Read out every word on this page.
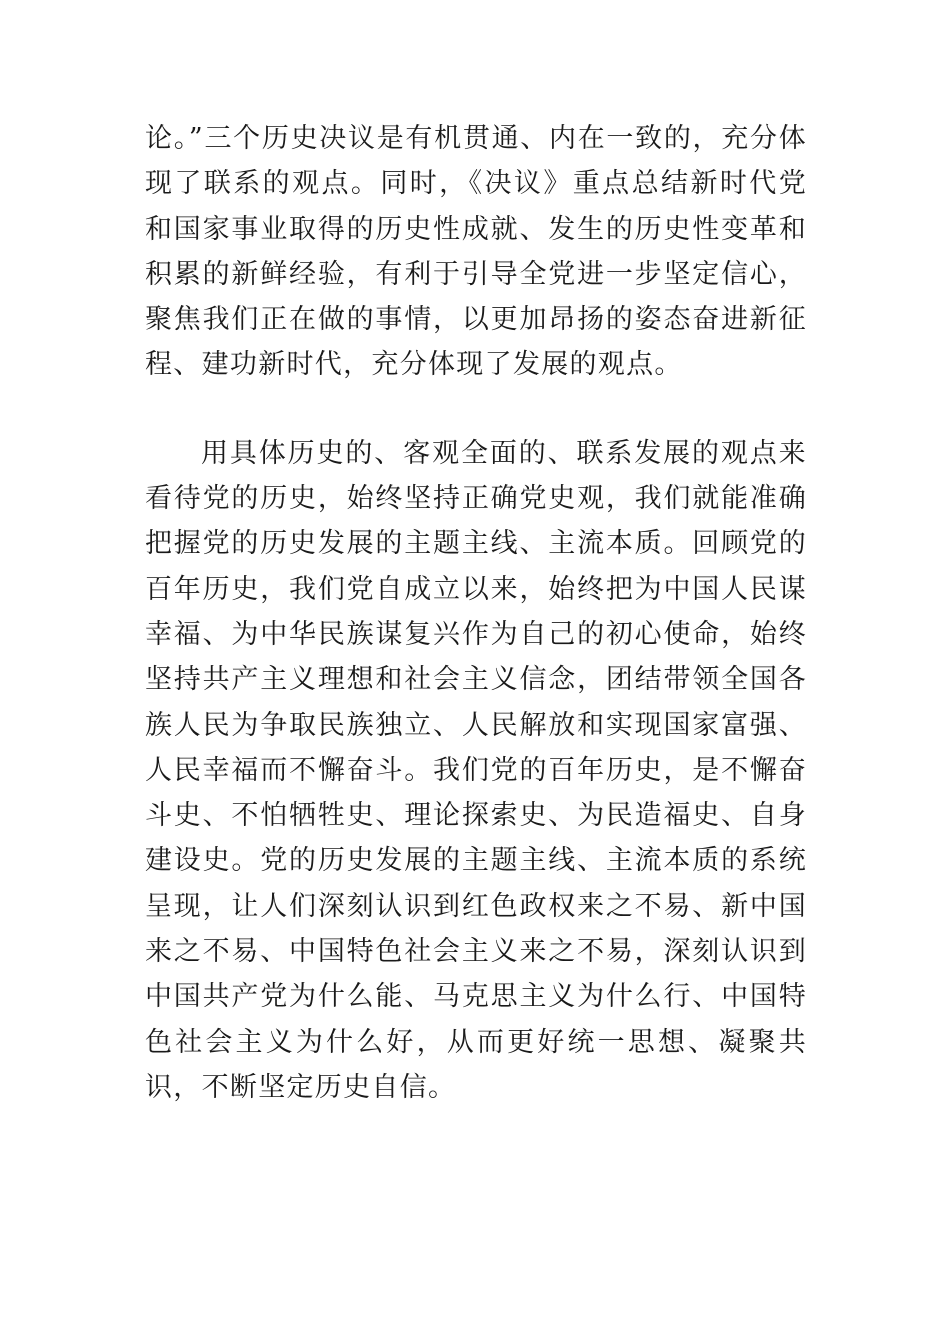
论。”三个历史决议是有机贯通、内在一致的，充分体现了联系的观点。同时，《决议》重点总结新时代党和国家事业取得的历史性成就、发生的历史性变革和积累的新鲜经验，有利于引导全党进一步坚定信心，聚焦我们正在做的事情，以更加昂扬的姿态奋进新征程、建功新时代，充分体现了发展的观点。

用具体历史的、客观全面的、联系发展的观点来看待党的历史，始终坚持正确党史观，我们就能准确把握党的历史发展的主题主线、主流本质。回顾党的百年历史，我们党自成立以来，始终把为中国人民谋幸福、为中华民族谋复兴作为自己的初心使命，始终坚持共产主义理想和社会主义信念，团结带领全国各族人民为争取民族独立、人民解放和实现国家富强、人民幸福而不懈奋斗。我们党的百年历史，是不懈奋斗史、不怕牺牲史、理论探索史、为民造福史、自身建设史。党的历史发展的主题主线、主流本质的系统呈现，让人们深刻认识到红色政权来之不易、新中国来之不易、中国特色社会主义来之不易，深刻认识到中国共产党为什么能、马克思主义为什么行、中国特色社会主义为什么好，从而更好统一思想、凝聚共识，不断坚定历史自信。
